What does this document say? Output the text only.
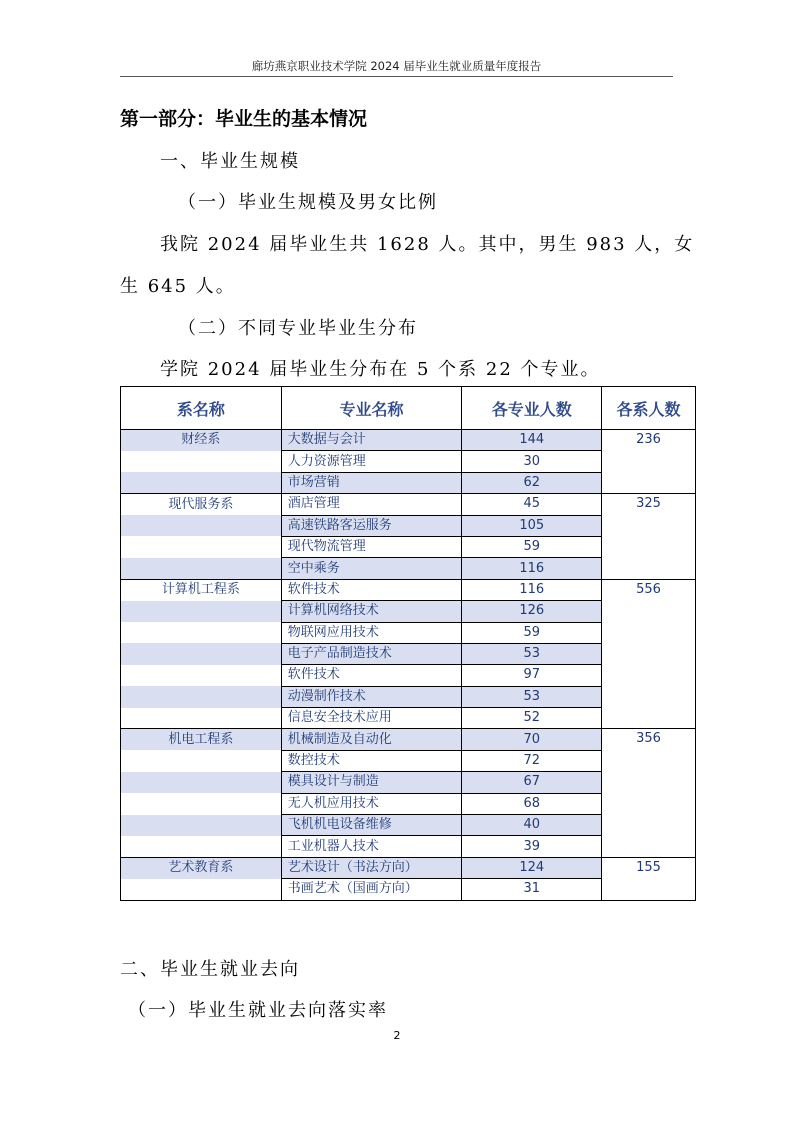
廊坊燕京职业技术学院 2024 届毕业生就业质量年度报告
第一部分：毕业生的基本情况
一、毕业生规模
（一）毕业生规模及男女比例
我院 2024 届毕业生共 1628 人。其中，男生 983 人，女
生 645 人。
（二）不同专业毕业生分布
学院 2024 届毕业生分布在 5 个系 22 个专业。
系名称	专业名称	各专业人数	各系人数
财经系	大数据与会计	144	236
	人力资源管理	30	
	市场营销	62	
现代服务系	酒店管理	45	325
	高速铁路客运服务	105	
	现代物流管理	59	
	空中乘务	116	
计算机工程系	软件技术	116	556
	计算机网络技术	126	
	物联网应用技术	59	
	电子产品制造技术	53	
	软件技术	97	
	动漫制作技术	53	
	信息安全技术应用	52	
机电工程系	机械制造及自动化	70	356
	数控技术	72	
	模具设计与制造	67	
	无人机应用技术	68	
	飞机机电设备维修	40	
	工业机器人技术	39	
艺术教育系	艺术设计（书法方向）	124	155
	书画艺术（国画方向）	31	
二、毕业生就业去向
（一）毕业生就业去向落实率
2
